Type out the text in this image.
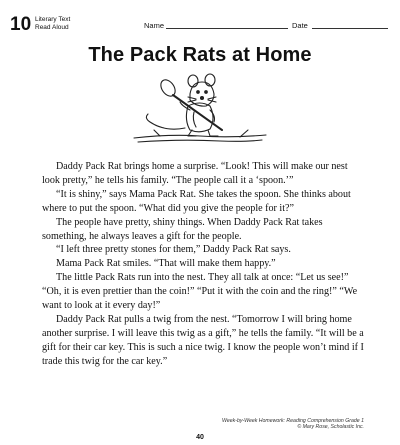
10 Literary Text
Read Aloud	Name	Date
The Pack Rats at Home

Daddy Pack Rat brings home a surprise. “Look! This will make our nest look pretty,” he tells his family. “The people call it a ‘spoon.’”

“It is shiny,” says Mama Pack Rat. She takes the spoon. She thinks about where to put the spoon. “What did you give the people for it?”

The people have pretty, shiny things. When Daddy Pack Rat takes something, he always leaves a gift for the people.

“I left three pretty stones for them,” Daddy Pack Rat says.

Mama Pack Rat smiles. “That will make them happy.”

The little Pack Rats run into the nest. They all talk at once: “Let us see!” “Oh, it is even prettier than the coin!” “Put it with the coin and the ring!” “We want to look at it every day!”

Daddy Pack Rat pulls a twig from the nest. “Tomorrow I will bring home another surprise. I will leave this twig as a gift,” he tells the family. “It will be a gift for their car key. This is such a nice twig. I know the people won’t mind if I trade this twig for the car key.”

Week-by-Week Homework: Reading Comprehension Grade 1
© Mary Rose, Scholastic Inc.
40
